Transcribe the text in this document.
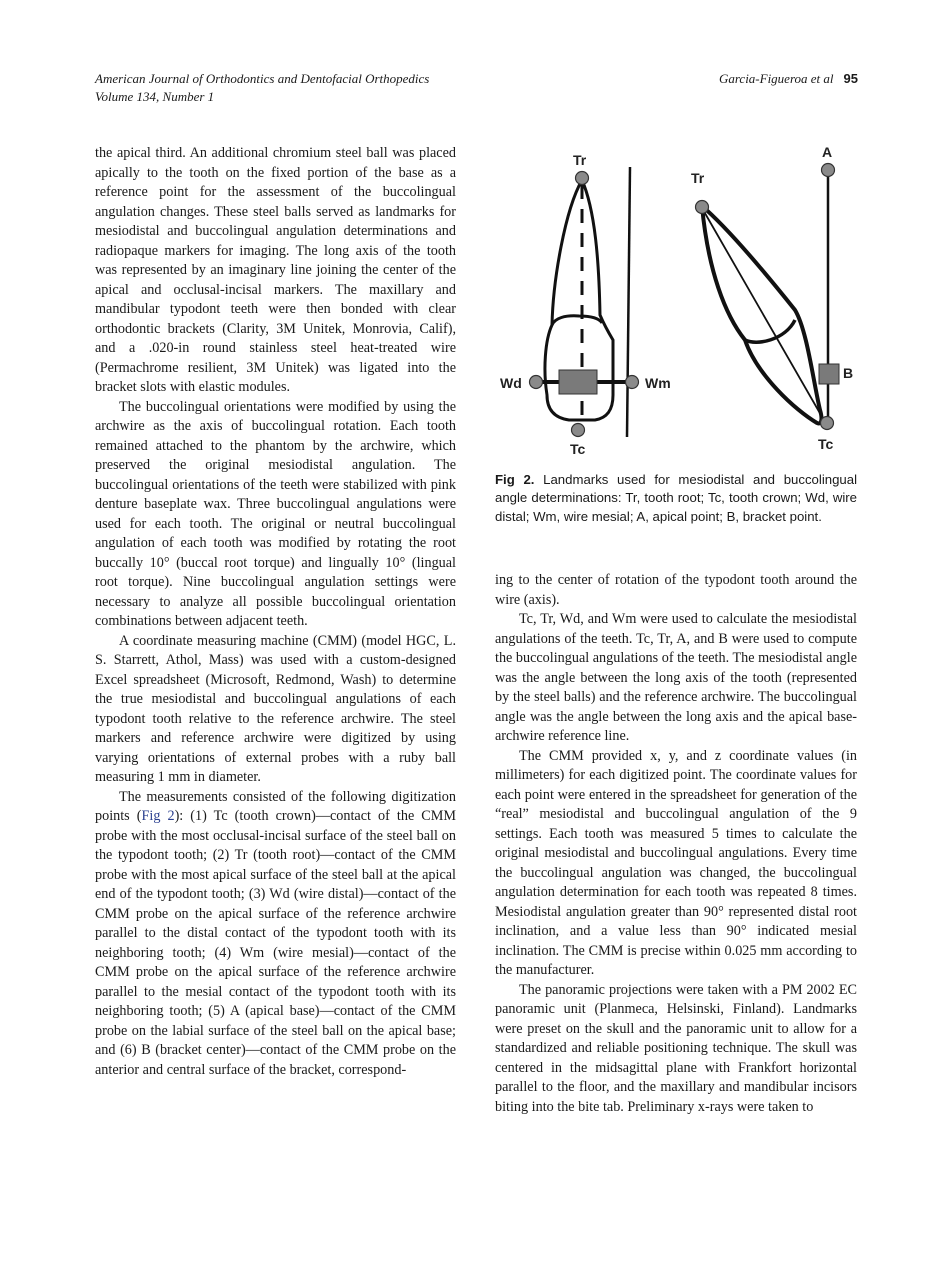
American Journal of Orthodontics and Dentofacial Orthopedics
Volume 134, Number 1
Garcia-Figueroa et al 95

the apical third. An additional chromium steel ball was placed apically to the tooth on the fixed portion of the base as a reference point for the assessment of the buccolingual angulation changes. These steel balls served as landmarks for mesiodistal and buccolingual angulation determinations and radiopaque markers for imaging. The long axis of the tooth was represented by an imaginary line joining the center of the apical and occlusal-incisal markers. The maxillary and mandibular typodont teeth were then bonded with clear orthodontic brackets (Clarity, 3M Unitek, Monrovia, Calif), and a .020-in round stainless steel heat-treated wire (Permachrome resilient, 3M Unitek) was ligated into the bracket slots with elastic modules.

The buccolingual orientations were modified by using the archwire as the axis of buccolingual rotation. Each tooth remained attached to the phantom by the archwire, which preserved the original mesiodistal angulation. The buccolingual orientations of the teeth were stabilized with pink denture baseplate wax. Three buccolingual angulations were used for each tooth. The original or neutral buccolingual angulation of each tooth was modified by rotating the root buccally 10° (buccal root torque) and lingually 10° (lingual root torque). Nine buccolingual angulation settings were necessary to analyze all possible buccolingual orientation combinations between adjacent teeth.

A coordinate measuring machine (CMM) (model HGC, L. S. Starrett, Athol, Mass) was used with a custom-designed Excel spreadsheet (Microsoft, Redmond, Wash) to determine the true mesiodistal and buccolingual angulations of each typodont tooth relative to the reference archwire. The steel markers and reference archwire were digitized by using varying orientations of external probes with a ruby ball measuring 1 mm in diameter.

The measurements consisted of the following digitization points (Fig 2): (1) Tc (tooth crown)—contact of the CMM probe with the most occlusal-incisal surface of the steel ball on the typodont tooth; (2) Tr (tooth root)—contact of the CMM probe with the most apical surface of the steel ball at the apical end of the typodont tooth; (3) Wd (wire distal)—contact of the CMM probe on the apical surface of the reference archwire parallel to the distal contact of the typodont tooth with its neighboring tooth; (4) Wm (wire mesial)—contact of the CMM probe on the apical surface of the reference archwire parallel to the mesial contact of the typodont tooth with its neighboring tooth; (5) A (apical base)—contact of the CMM probe on the labial surface of the steel ball on the apical base; and (6) B (bracket center)—contact of the CMM probe on the anterior and central surface of the bracket, correspond-

Tr
Wd	Wm
Tc
A
Tr
B
Tc
Fig 2. Landmarks used for mesiodistal and buccolingual angle determinations: Tr, tooth root; Tc, tooth crown; Wd, wire distal; Wm, wire mesial; A, apical point; B, bracket point.

ing to the center of rotation of the typodont tooth around the wire (axis).

Tc, Tr, Wd, and Wm were used to calculate the mesiodistal angulations of the teeth. Tc, Tr, A, and B were used to compute the buccolingual angulations of the teeth. The mesiodistal angle was the angle between the long axis of the tooth (represented by the steel balls) and the reference archwire. The buccolingual angle was the angle between the long axis and the apical base-archwire reference line.

The CMM provided x, y, and z coordinate values (in millimeters) for each digitized point. The coordinate values for each point were entered in the spreadsheet for generation of the “real” mesiodistal and buccolingual angulation of the 9 settings. Each tooth was measured 5 times to calculate the original mesiodistal and buccolingual angulations. Every time the buccolingual angulation was changed, the buccolingual angulation determination for each tooth was repeated 8 times. Mesiodistal angulation greater than 90° represented distal root inclination, and a value less than 90° indicated mesial inclination. The CMM is precise within 0.025 mm according to the manufacturer.

The panoramic projections were taken with a PM 2002 EC panoramic unit (Planmeca, Helsinski, Finland). Landmarks were preset on the skull and the panoramic unit to allow for a standardized and reliable positioning technique. The skull was centered in the midsagittal plane with Frankfort horizontal parallel to the floor, and the maxillary and mandibular incisors biting into the bite tab. Preliminary x-rays were taken to
